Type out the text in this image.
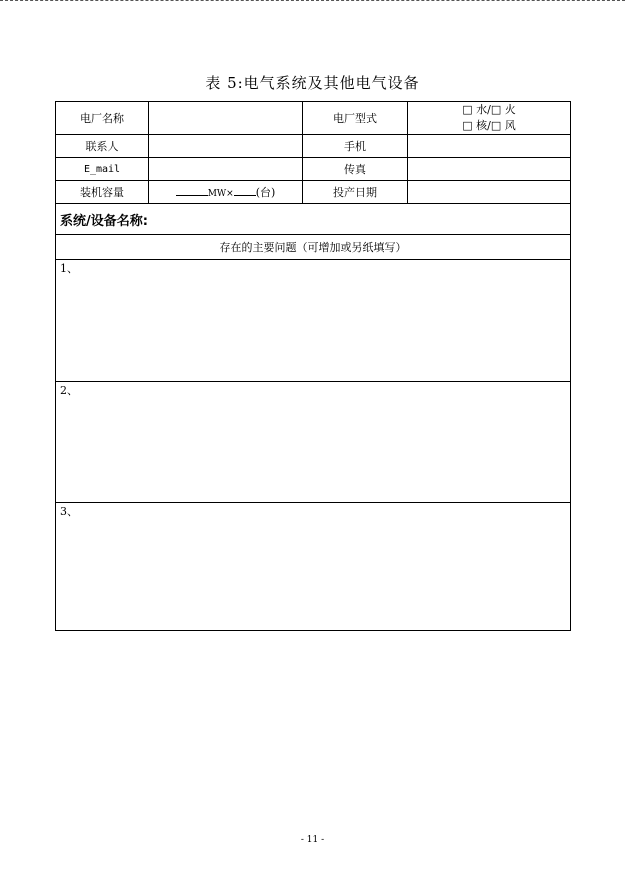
表 5:电气系统及其他电气设备
电厂名称		电厂型式	□ 水/□ 火
□ 核/□ 风

联系人		手机	
E_mail		传真	
装机容量	MW× (台)	投产日期	
系统/设备名称:			
存在的主要问题（可增加或另纸填写）			
1、			
2、			
3、			
- 11 -
